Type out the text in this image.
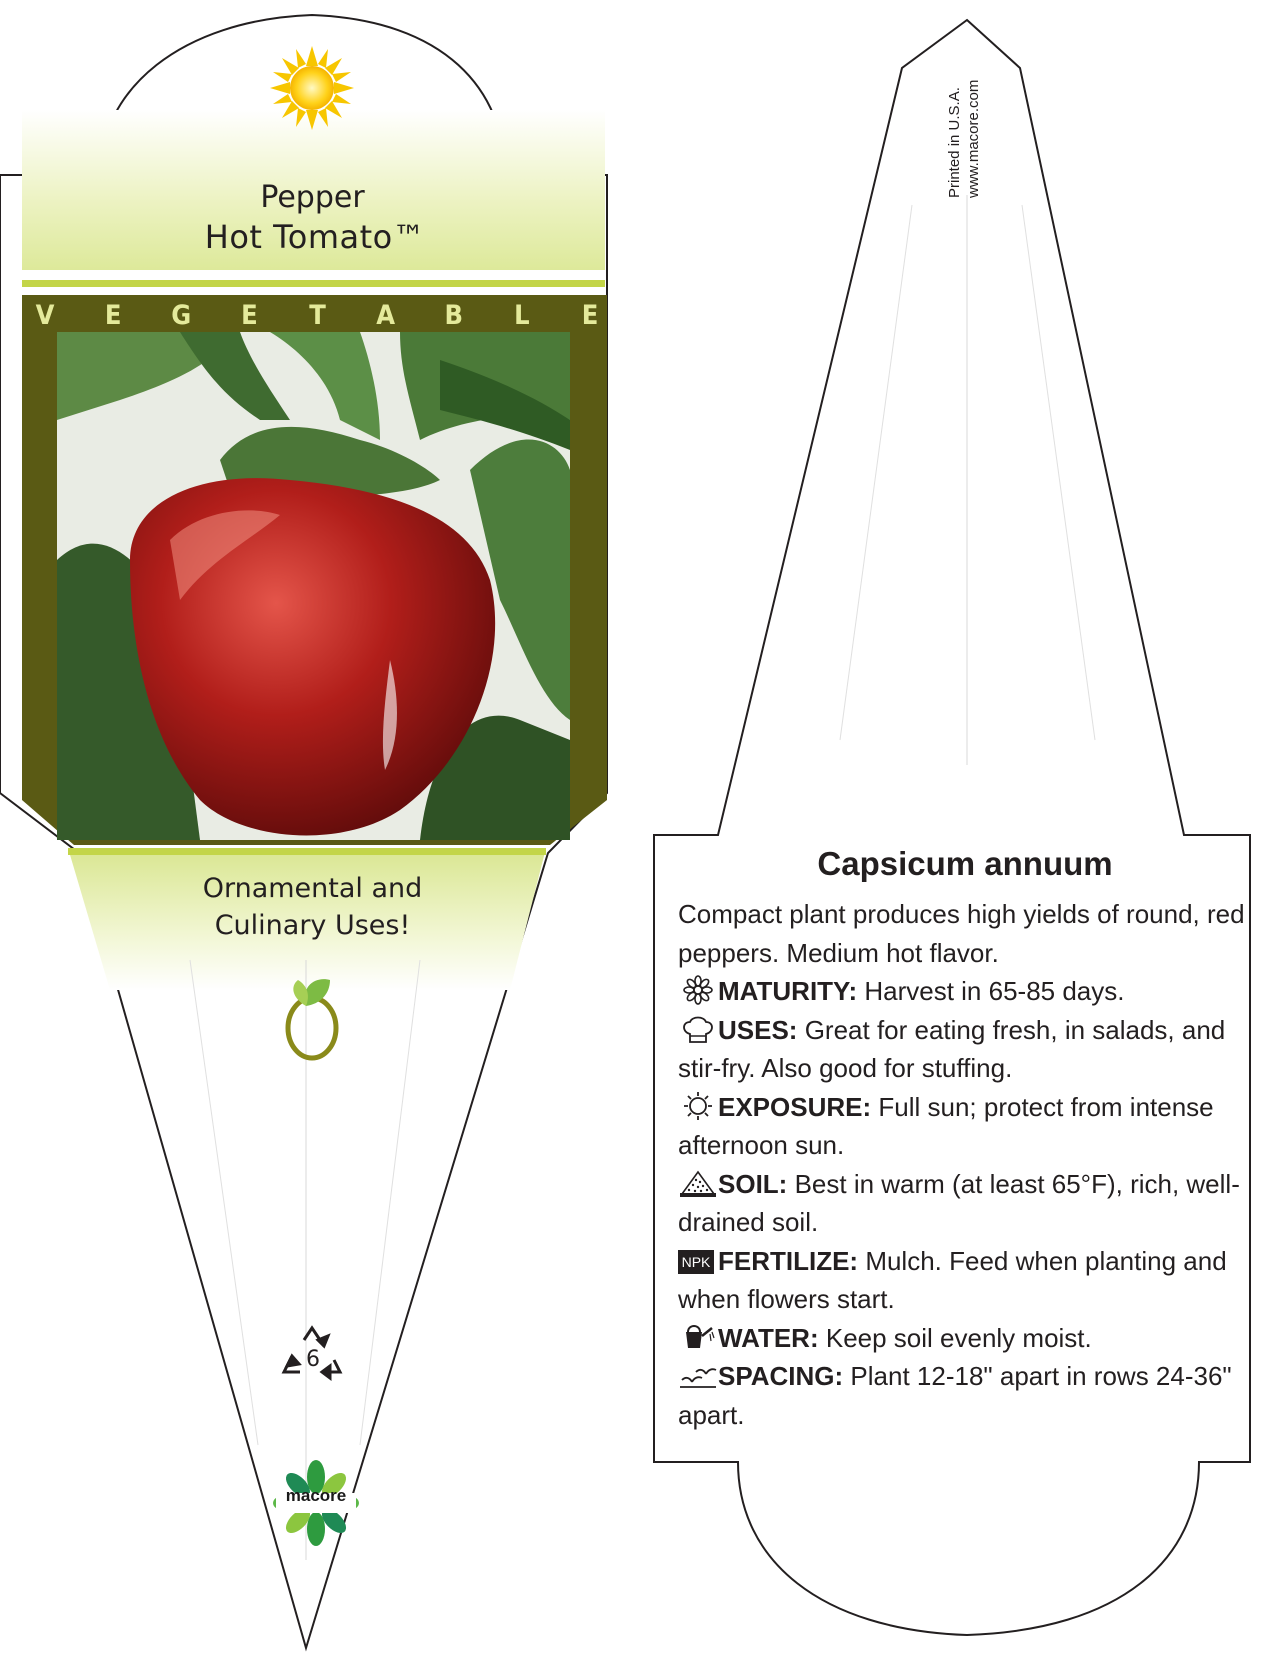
Pepper
Hot Tomato™
V E G E T A B L E
Ornamental and
Culinary Uses!
6
macore
Printed in U.S.A. www.macore.com
Capsicum annuum

Compact plant produces high yields of round, red peppers. Medium hot flavor.

MATURITY: Harvest in 65-85 days.

USES: Great for eating fresh, in salads, and stir-fry. Also good for stuffing.

EXPOSURE: Full sun; protect from intense afternoon sun.

SOIL: Best in warm (at least 65°F), rich, well-drained soil.

NPK FERTILIZE: Mulch. Feed when planting and when flowers start.

WATER: Keep soil evenly moist.

SPACING: Plant 12-18" apart in rows 24-36" apart.
